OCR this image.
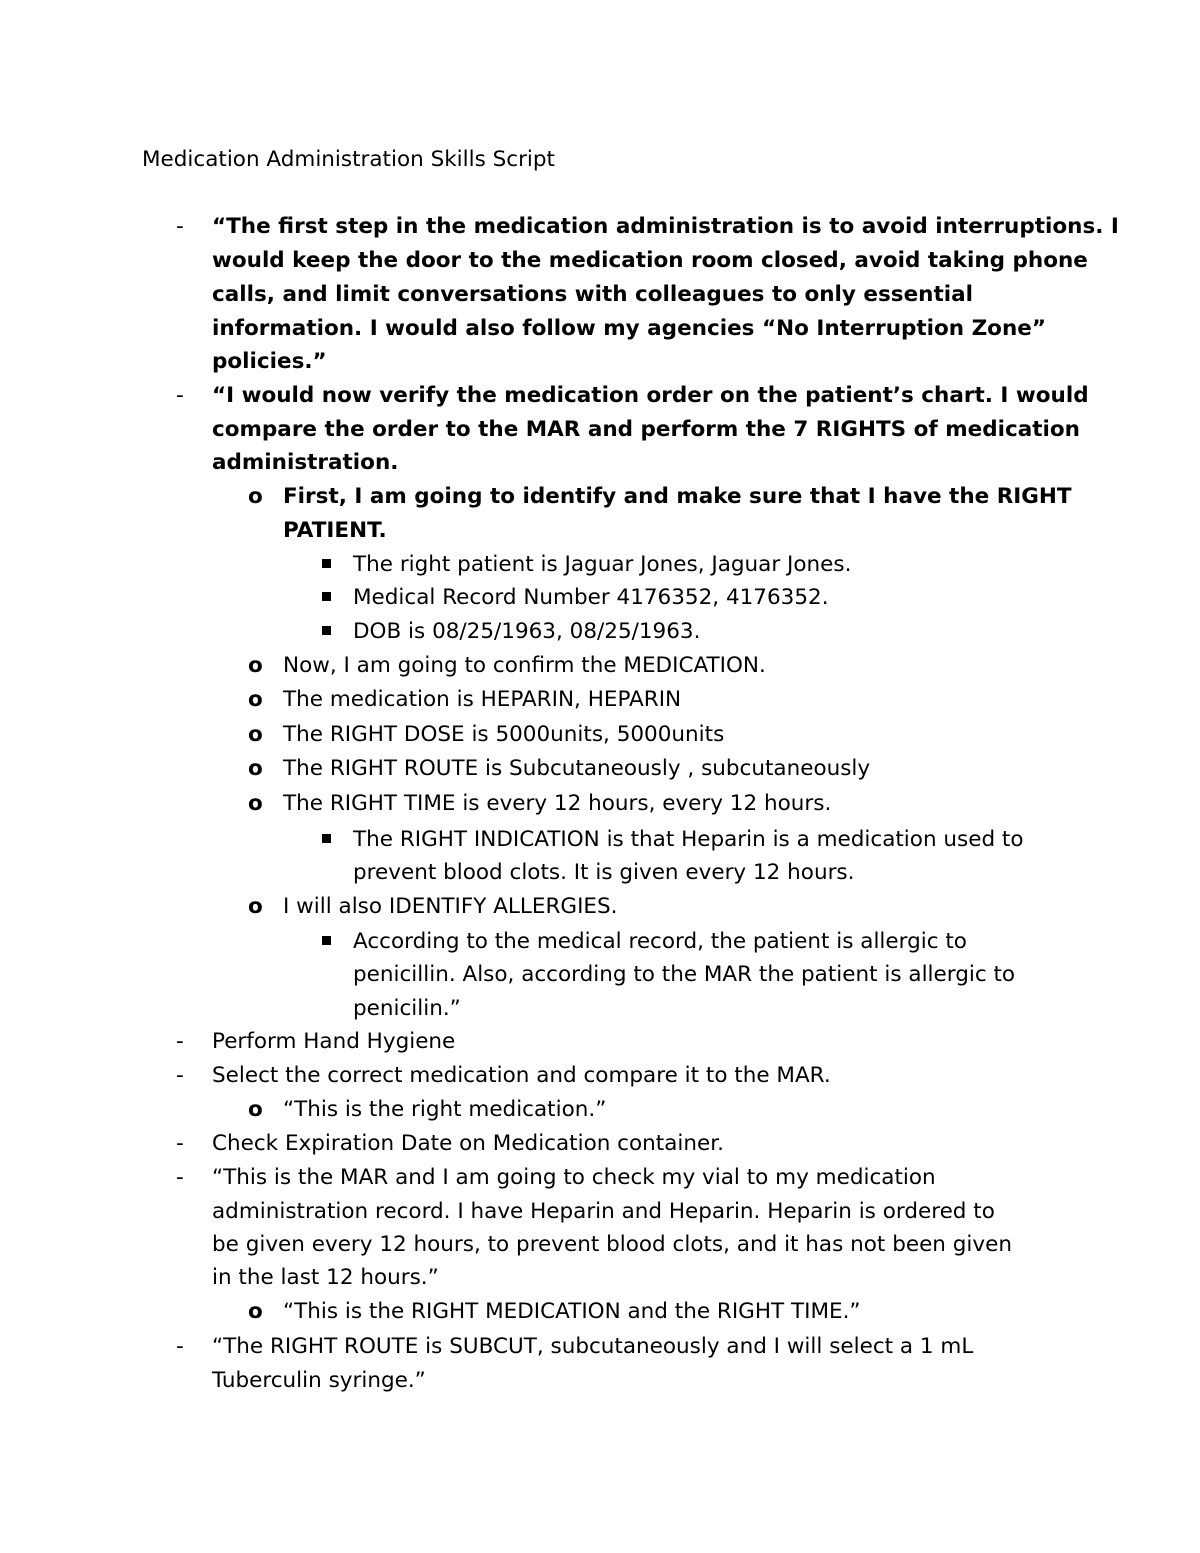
Medication Administration Skills Script
- “The first step in the medication administration is to avoid interruptions. I
would keep the door to the medication room closed, avoid taking phone
calls, and limit conversations with colleagues to only essential
information. I would also follow my agencies “No Interruption Zone”
policies.”
- “I would now verify the medication order on the patient’s chart. I would
compare the order to the MAR and perform the 7 RIGHTS of medication
administration.
o First, I am going to identify and make sure that I have the RIGHT
PATIENT.
The right patient is Jaguar Jones, Jaguar Jones.
Medical Record Number 4176352, 4176352.
DOB is 08/25/1963, 08/25/1963.
o Now, I am going to confirm the MEDICATION.
o The medication is HEPARIN, HEPARIN
o The RIGHT DOSE is 5000units, 5000units
o The RIGHT ROUTE is Subcutaneously , subcutaneously
o The RIGHT TIME is every 12 hours, every 12 hours.
The RIGHT INDICATION is that Heparin is a medication used to
prevent blood clots. It is given every 12 hours.
o I will also IDENTIFY ALLERGIES.
According to the medical record, the patient is allergic to
penicillin. Also, according to the MAR the patient is allergic to
penicilin.”
- Perform Hand Hygiene
- Select the correct medication and compare it to the MAR.
o “This is the right medication.”
- Check Expiration Date on Medication container.
- “This is the MAR and I am going to check my vial to my medication
administration record. I have Heparin and Heparin. Heparin is ordered to
be given every 12 hours, to prevent blood clots, and it has not been given
in the last 12 hours.”
o “This is the RIGHT MEDICATION and the RIGHT TIME.”
- “The RIGHT ROUTE is SUBCUT, subcutaneously and I will select a 1 mL
Tuberculin syringe.”
